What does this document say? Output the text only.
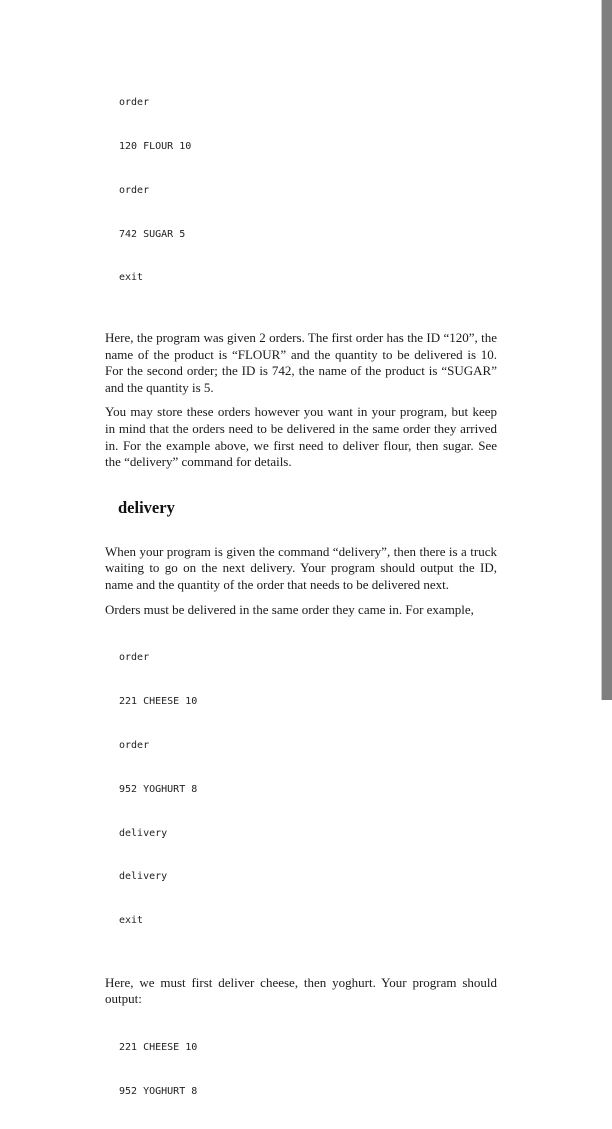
order

120 FLOUR 10

order

742 SUGAR 5

exit

Here, the program was given 2 orders. The first order has the ID “120”, the name of the product is “FLOUR” and the quantity to be delivered is 10. For the second order; the ID is 742, the name of the product is “SUGAR” and the quantity is 5.
You may store these orders however you want in your program, but keep in mind that the orders need to be delivered in the same order they arrived in. For the example above, we first need to deliver flour, then sugar. See the “delivery” command for details.
delivery
When your program is given the command “delivery”, then there is a truck waiting to go on the next delivery. Your program should output the ID, name and the quantity of the order that needs to be delivered next.
Orders must be delivered in the same order they came in. For example,

order

221 CHEESE 10

order

952 YOGHURT 8

delivery

delivery

exit

Here, we must first deliver cheese, then yoghurt. Your program should output:

221 CHEESE 10

952 YOGHURT 8
